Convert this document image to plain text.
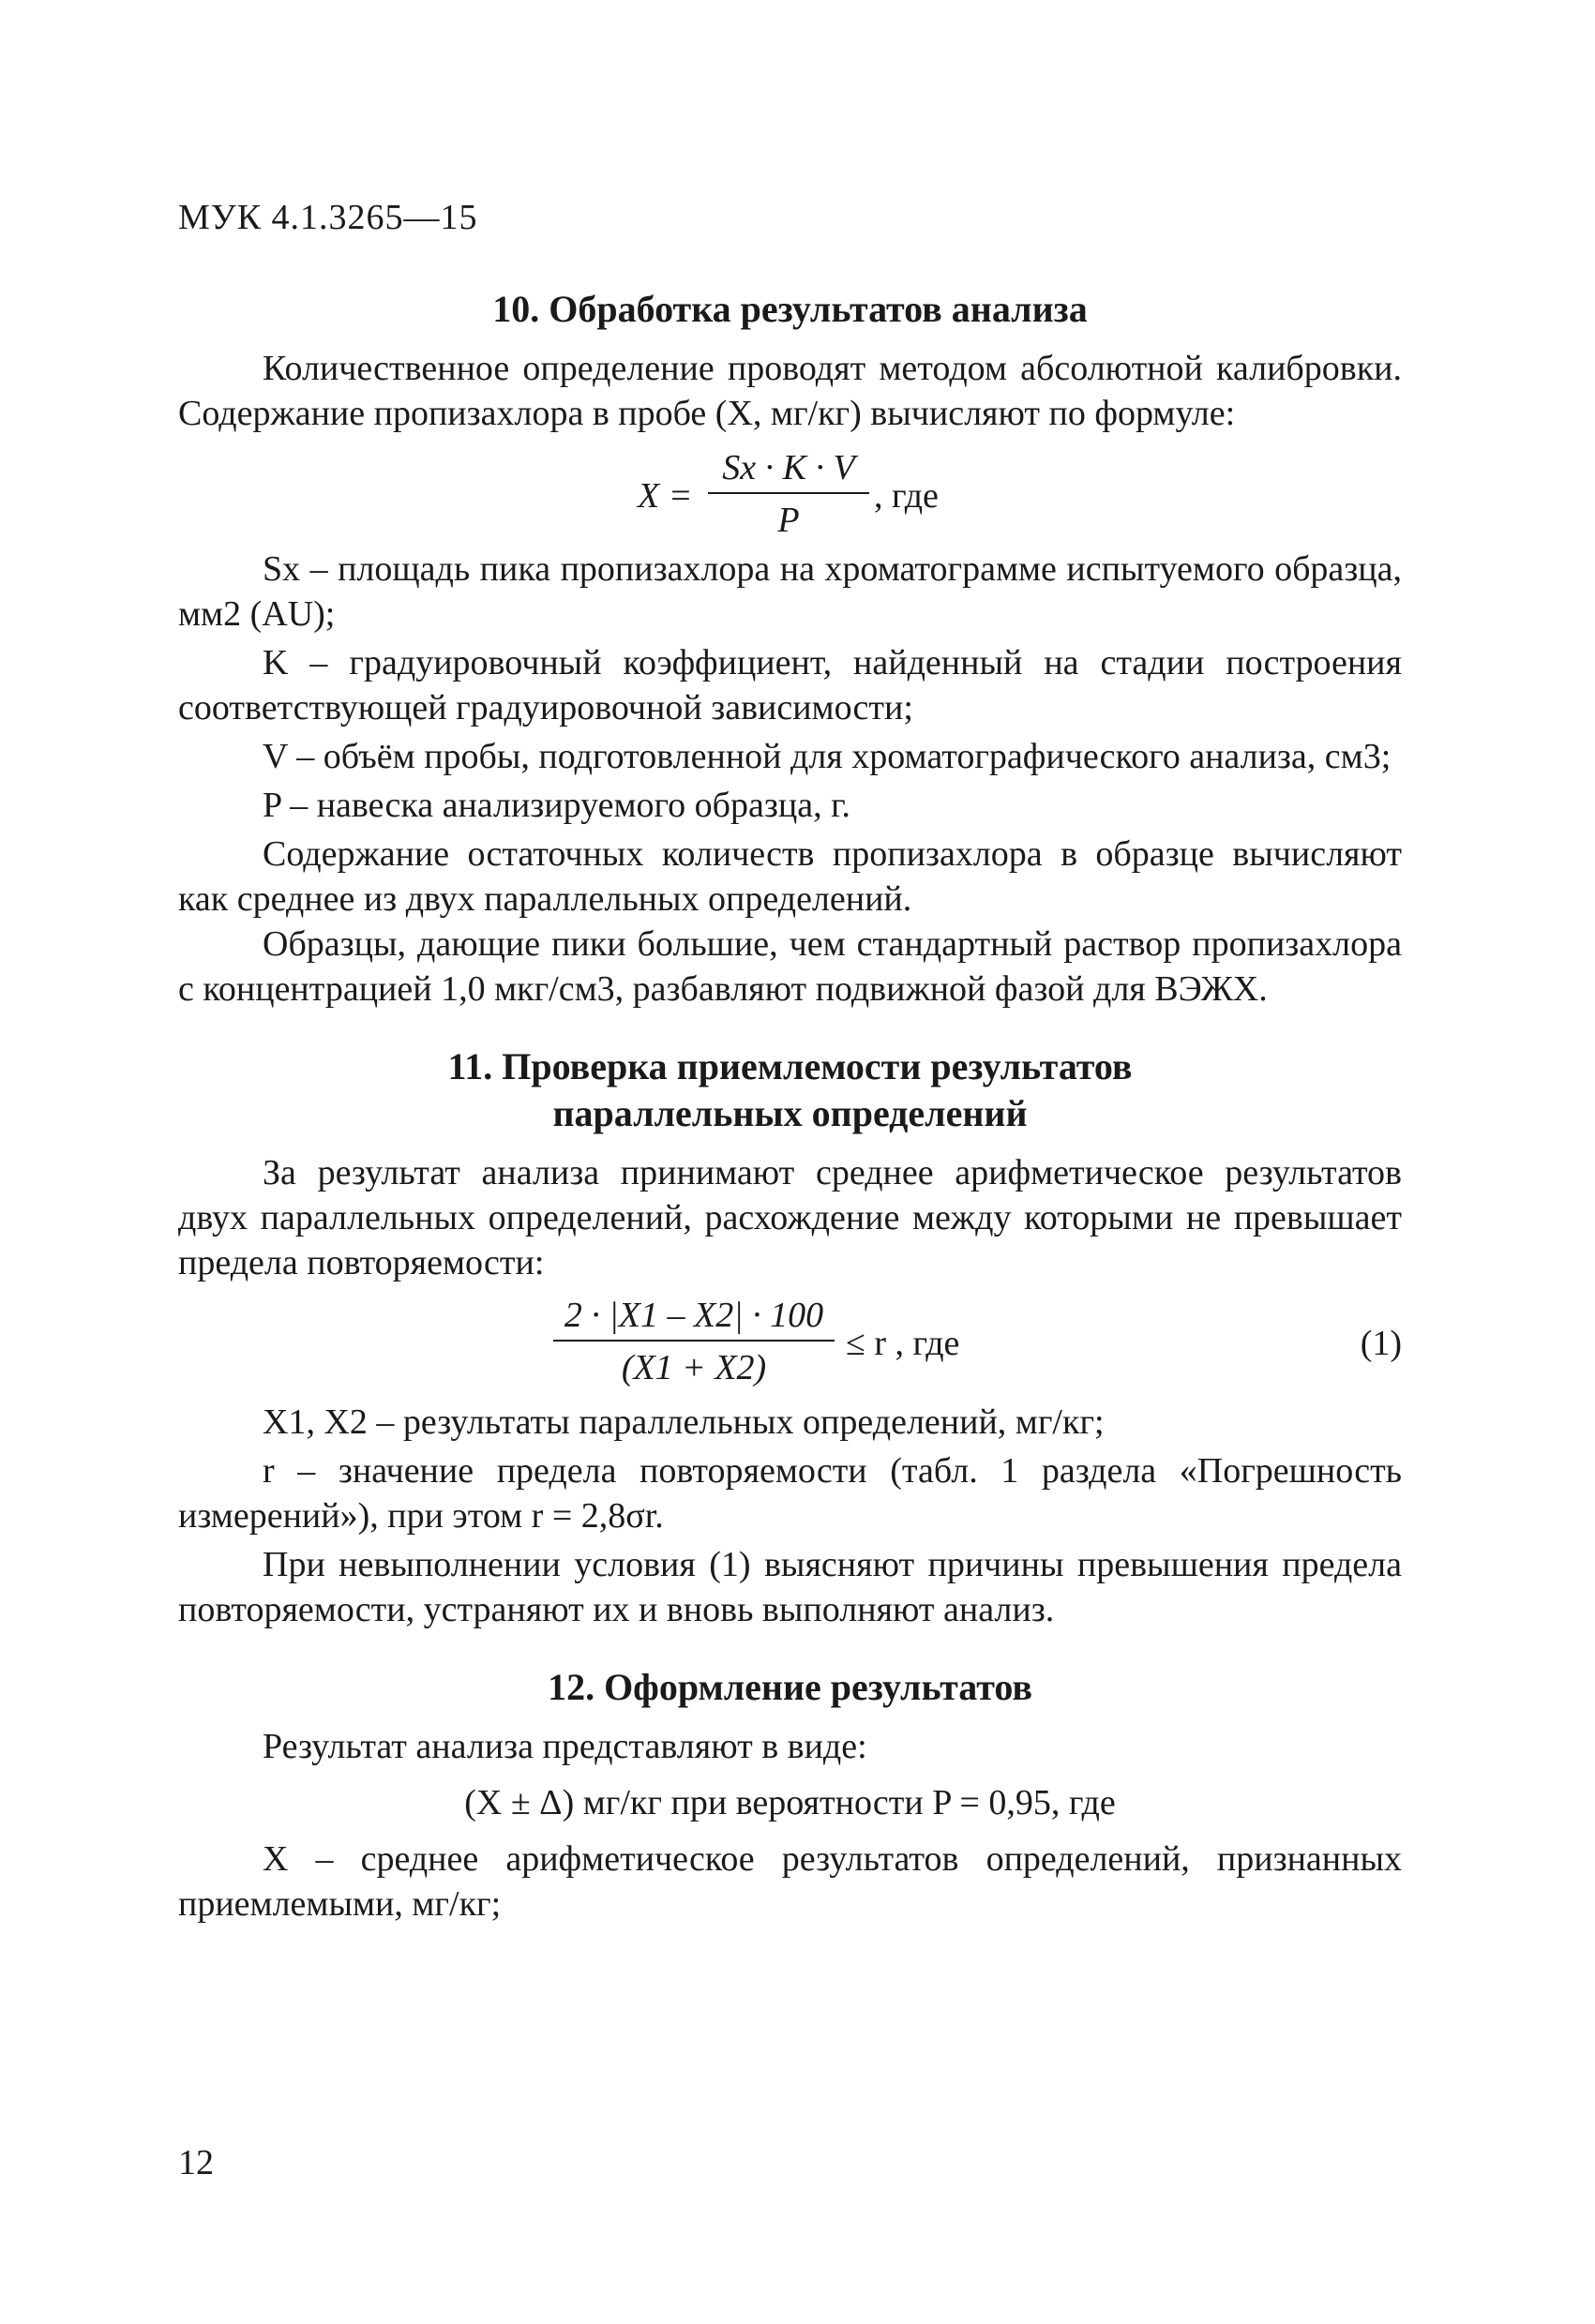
МУК 4.1.3265—15
10. Обработка результатов анализа

Количественное определение проводят методом абсолютной калибровки. Содержание пропизахлора в пробе (X, мг/кг) вычисляют по формуле:

$X = \frac{Sx \cdot K \cdot V}{P}$ , где

Sx – площадь пика пропизахлора на хроматограмме испытуемого образца, мм2 (AU);

K – градуировочный коэффициент, найденный на стадии построения соответствующей градуировочной зависимости;

V – объём пробы, подготовленной для хроматографического анализа, см3;

P – навеска анализируемого образца, г.

Содержание остаточных количеств пропизахлора в образце вычисляют как среднее из двух параллельных определений.

Образцы, дающие пики большие, чем стандартный раствор пропизахлора с концентрацией 1,0 мкг/см3, разбавляют подвижной фазой для ВЭЖХ.

11. Проверка приемлемости результатов
параллельных определений

За результат анализа принимают среднее арифметическое результатов двух параллельных определений, расхождение между которыми не превышает предела повторяемости:

$\frac{2 \cdot |X1 - X2| \cdot 100}{(X1 + X2)} \le r$ , где	(1)

X1, X2 – результаты параллельных определений, мг/кг;

r – значение предела повторяемости (табл. 1 раздела «Погрешность измерений»), при этом r = 2,8σr.

При невыполнении условия (1) выясняют причины превышения предела повторяемости, устраняют их и вновь выполняют анализ.

12. Оформление результатов

Результат анализа представляют в виде:

(X ± Δ) мг/кг при вероятности P = 0,95, где

X – среднее арифметическое результатов определений, признанных приемлемыми, мг/кг;

12
